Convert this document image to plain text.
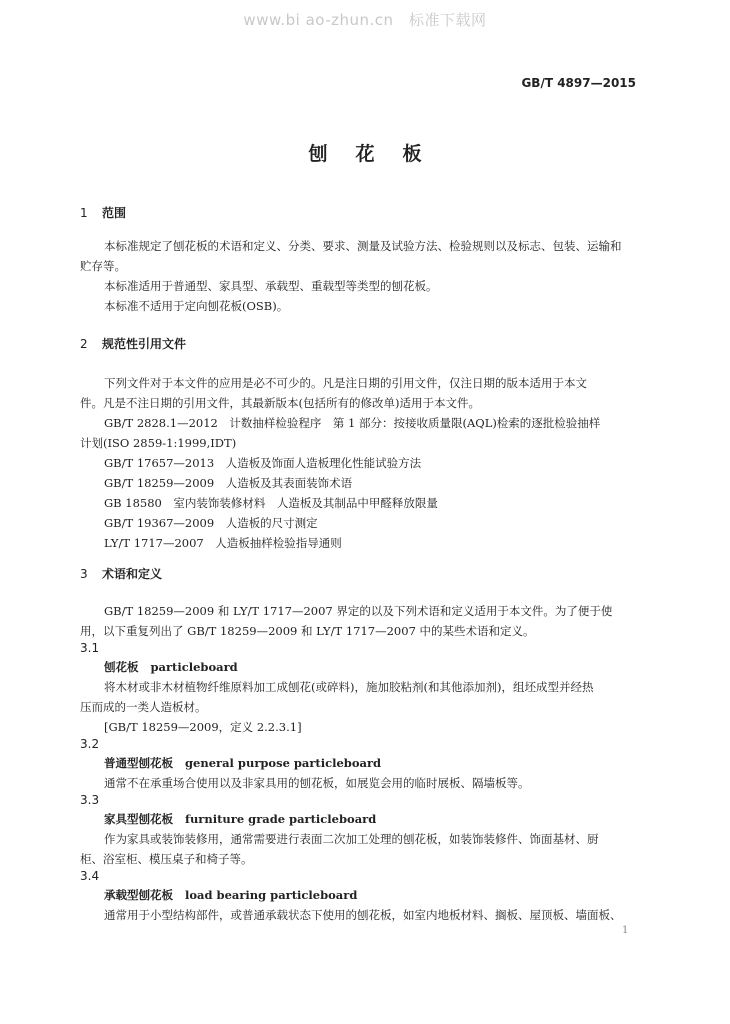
www.bi ao-zhun.cn　标准下载网
GB/T 4897—2015
刨花板
1 范围
本标准规定了刨花板的术语和定义、分类、要求、测量及试验方法、检验规则以及标志、包装、运输和
贮存等。
本标准适用于普通型、家具型、承载型、重载型等类型的刨花板。
本标准不适用于定向刨花板(OSB)。
2 规范性引用文件
下列文件对于本文件的应用是必不可少的。凡是注日期的引用文件，仅注日期的版本适用于本文
件。凡是不注日期的引用文件，其最新版本(包括所有的修改单)适用于本文件。
GB/T 2828.1—2012　计数抽样检验程序　第 1 部分：按接收质量限(AQL)检索的逐批检验抽样
计划(ISO 2859-1:1999,IDT)
GB/T 17657—2013　人造板及饰面人造板理化性能试验方法
GB/T 18259—2009　人造板及其表面装饰术语
GB 18580　室内装饰装修材料　人造板及其制品中甲醛释放限量
GB/T 19367—2009　人造板的尺寸测定
LY/T 1717—2007　人造板抽样检验指导通则
3 术语和定义
GB/T 18259—2009 和 LY/T 1717—2007 界定的以及下列术语和定义适用于本文件。为了便于使
用，以下重复列出了 GB/T 18259—2009 和 LY/T 1717—2007 中的某些术语和定义。
3.1
刨花板 particleboard
将木材或非木材植物纤维原料加工成刨花(或碎料)，施加胶粘剂(和其他添加剂)，组坯成型并经热
压而成的一类人造板材。
[GB/T 18259—2009，定义 2.2.3.1]
3.2
普通型刨花板 general purpose particleboard
通常不在承重场合使用以及非家具用的刨花板，如展览会用的临时展板、隔墙板等。
3.3
家具型刨花板 furniture grade particleboard
作为家具或装饰装修用，通常需要进行表面二次加工处理的刨花板，如装饰装修件、饰面基材、厨
柜、浴室柜、模压桌子和椅子等。
3.4
承载型刨花板 load bearing particleboard
通常用于小型结构部件，或普通承载状态下使用的刨花板，如室内地板材料、搁板、屋顶板、墙面板、
1
